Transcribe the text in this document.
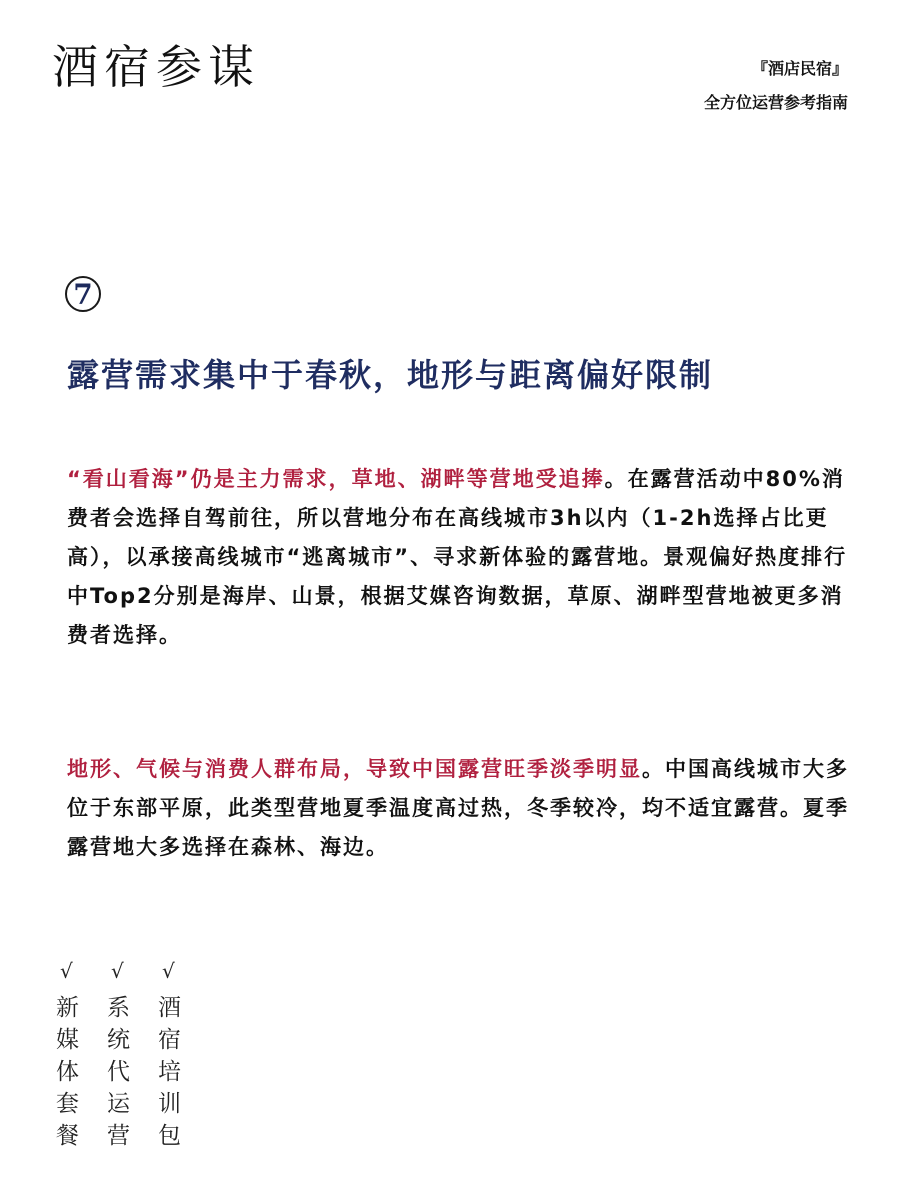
酒宿参谋	『酒店民宿』
全方位运营参考指南
7
露营需求集中于春秋，地形与距离偏好限制
“看山看海”仍是主力需求，草地、湖畔等营地受追捧。在露营活动中80%消费者会选择自驾前往，所以营地分布在高线城市3h以内（1-2h选择占比更高），以承接高线城市“逃离城市”、寻求新体验的露营地。景观偏好热度排行中Top2分别是海岸、山景，根据艾媒咨询数据，草原、湖畔型营地被更多消费者选择。
地形、气候与消费人群布局，导致中国露营旺季淡季明显。中国高线城市大多位于东部平原，此类型营地夏季温度高过热，冬季较冷，均不适宜露营。夏季露营地大多选择在森林、海边。
√
新媒体套餐
√
系统代运营
√
酒宿培训包
